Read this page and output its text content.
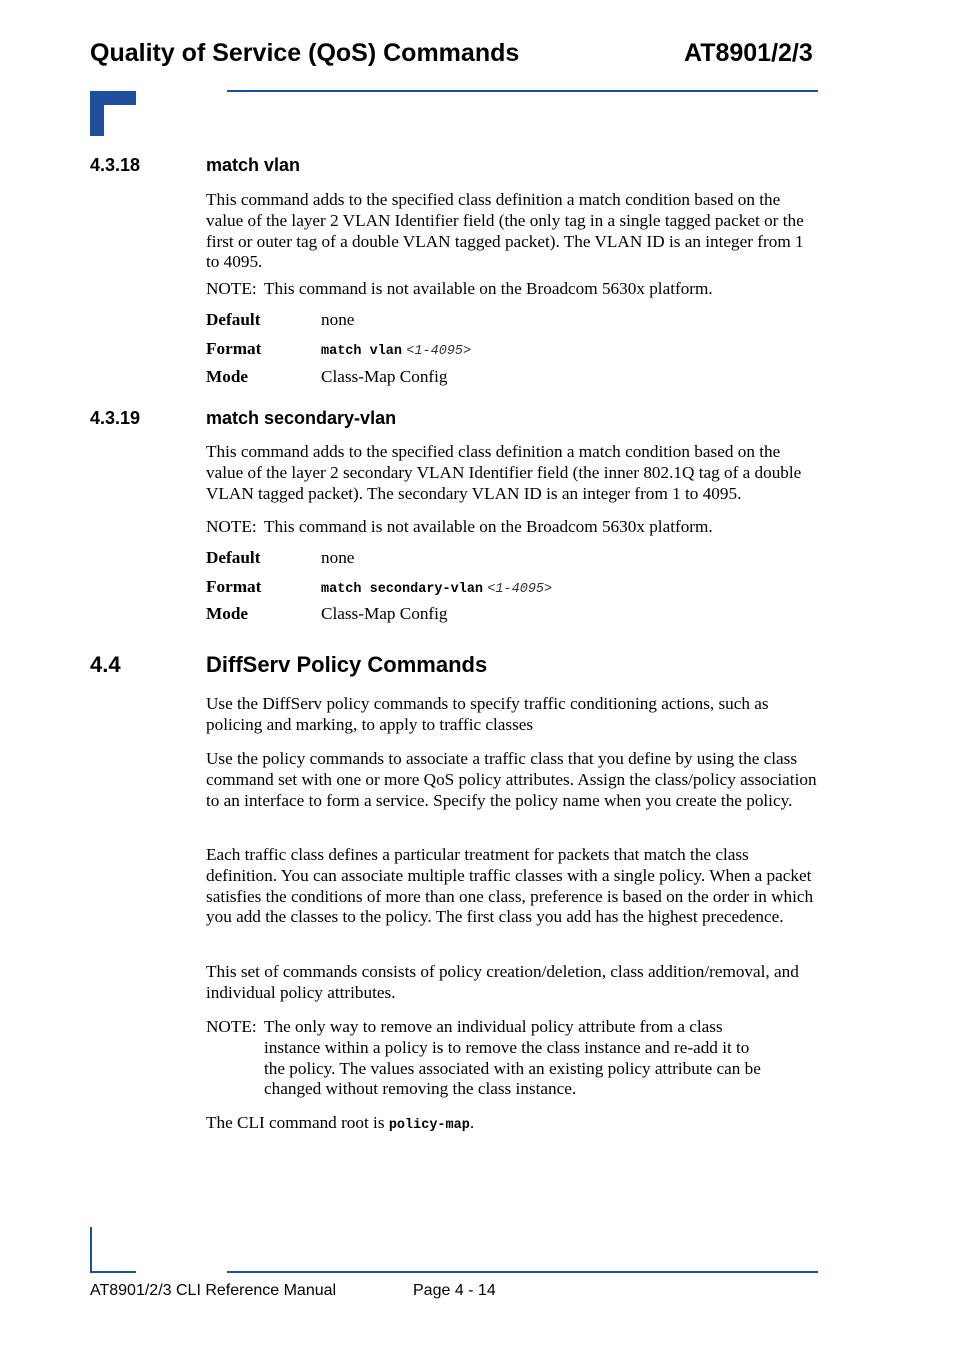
Quality of Service (QoS) Commands	AT8901/2/3
4.3.18	match vlan
This command adds to the specified class definition a match condition based on the value of the layer 2 VLAN Identifier field (the only tag in a single tagged packet or the first or outer tag of a double VLAN tagged packet). The VLAN ID is an integer from 1 to 4095.
NOTE: This command is not available on the Broadcom 5630x platform.
Default	none
Format	match vlan <1-4095>
Mode	Class-Map Config
4.3.19	match secondary-vlan
This command adds to the specified class definition a match condition based on the value of the layer 2 secondary VLAN Identifier field (the inner 802.1Q tag of a double VLAN tagged packet). The secondary VLAN ID is an integer from 1 to 4095.
NOTE: This command is not available on the Broadcom 5630x platform.
Default	none
Format	match secondary-vlan <1-4095>
Mode	Class-Map Config
4.4	DiffServ Policy Commands
Use the DiffServ policy commands to specify traffic conditioning actions, such as policing and marking, to apply to traffic classes
Use the policy commands to associate a traffic class that you define by using the class command set with one or more QoS policy attributes. Assign the class/policy association to an interface to form a service. Specify the policy name when you create the policy.
Each traffic class defines a particular treatment for packets that match the class definition. You can associate multiple traffic classes with a single policy. When a packet satisfies the conditions of more than one class, preference is based on the order in which you add the classes to the policy. The first class you add has the highest precedence.
This set of commands consists of policy creation/deletion, class addition/removal, and individual policy attributes.
NOTE: The only way to remove an individual policy attribute from a class instance within a policy is to remove the class instance and re-add it to the policy. The values associated with an existing policy attribute can be changed without removing the class instance.
The CLI command root is policy-map.
AT8901/2/3 CLI Reference Manual	Page 4 - 14
